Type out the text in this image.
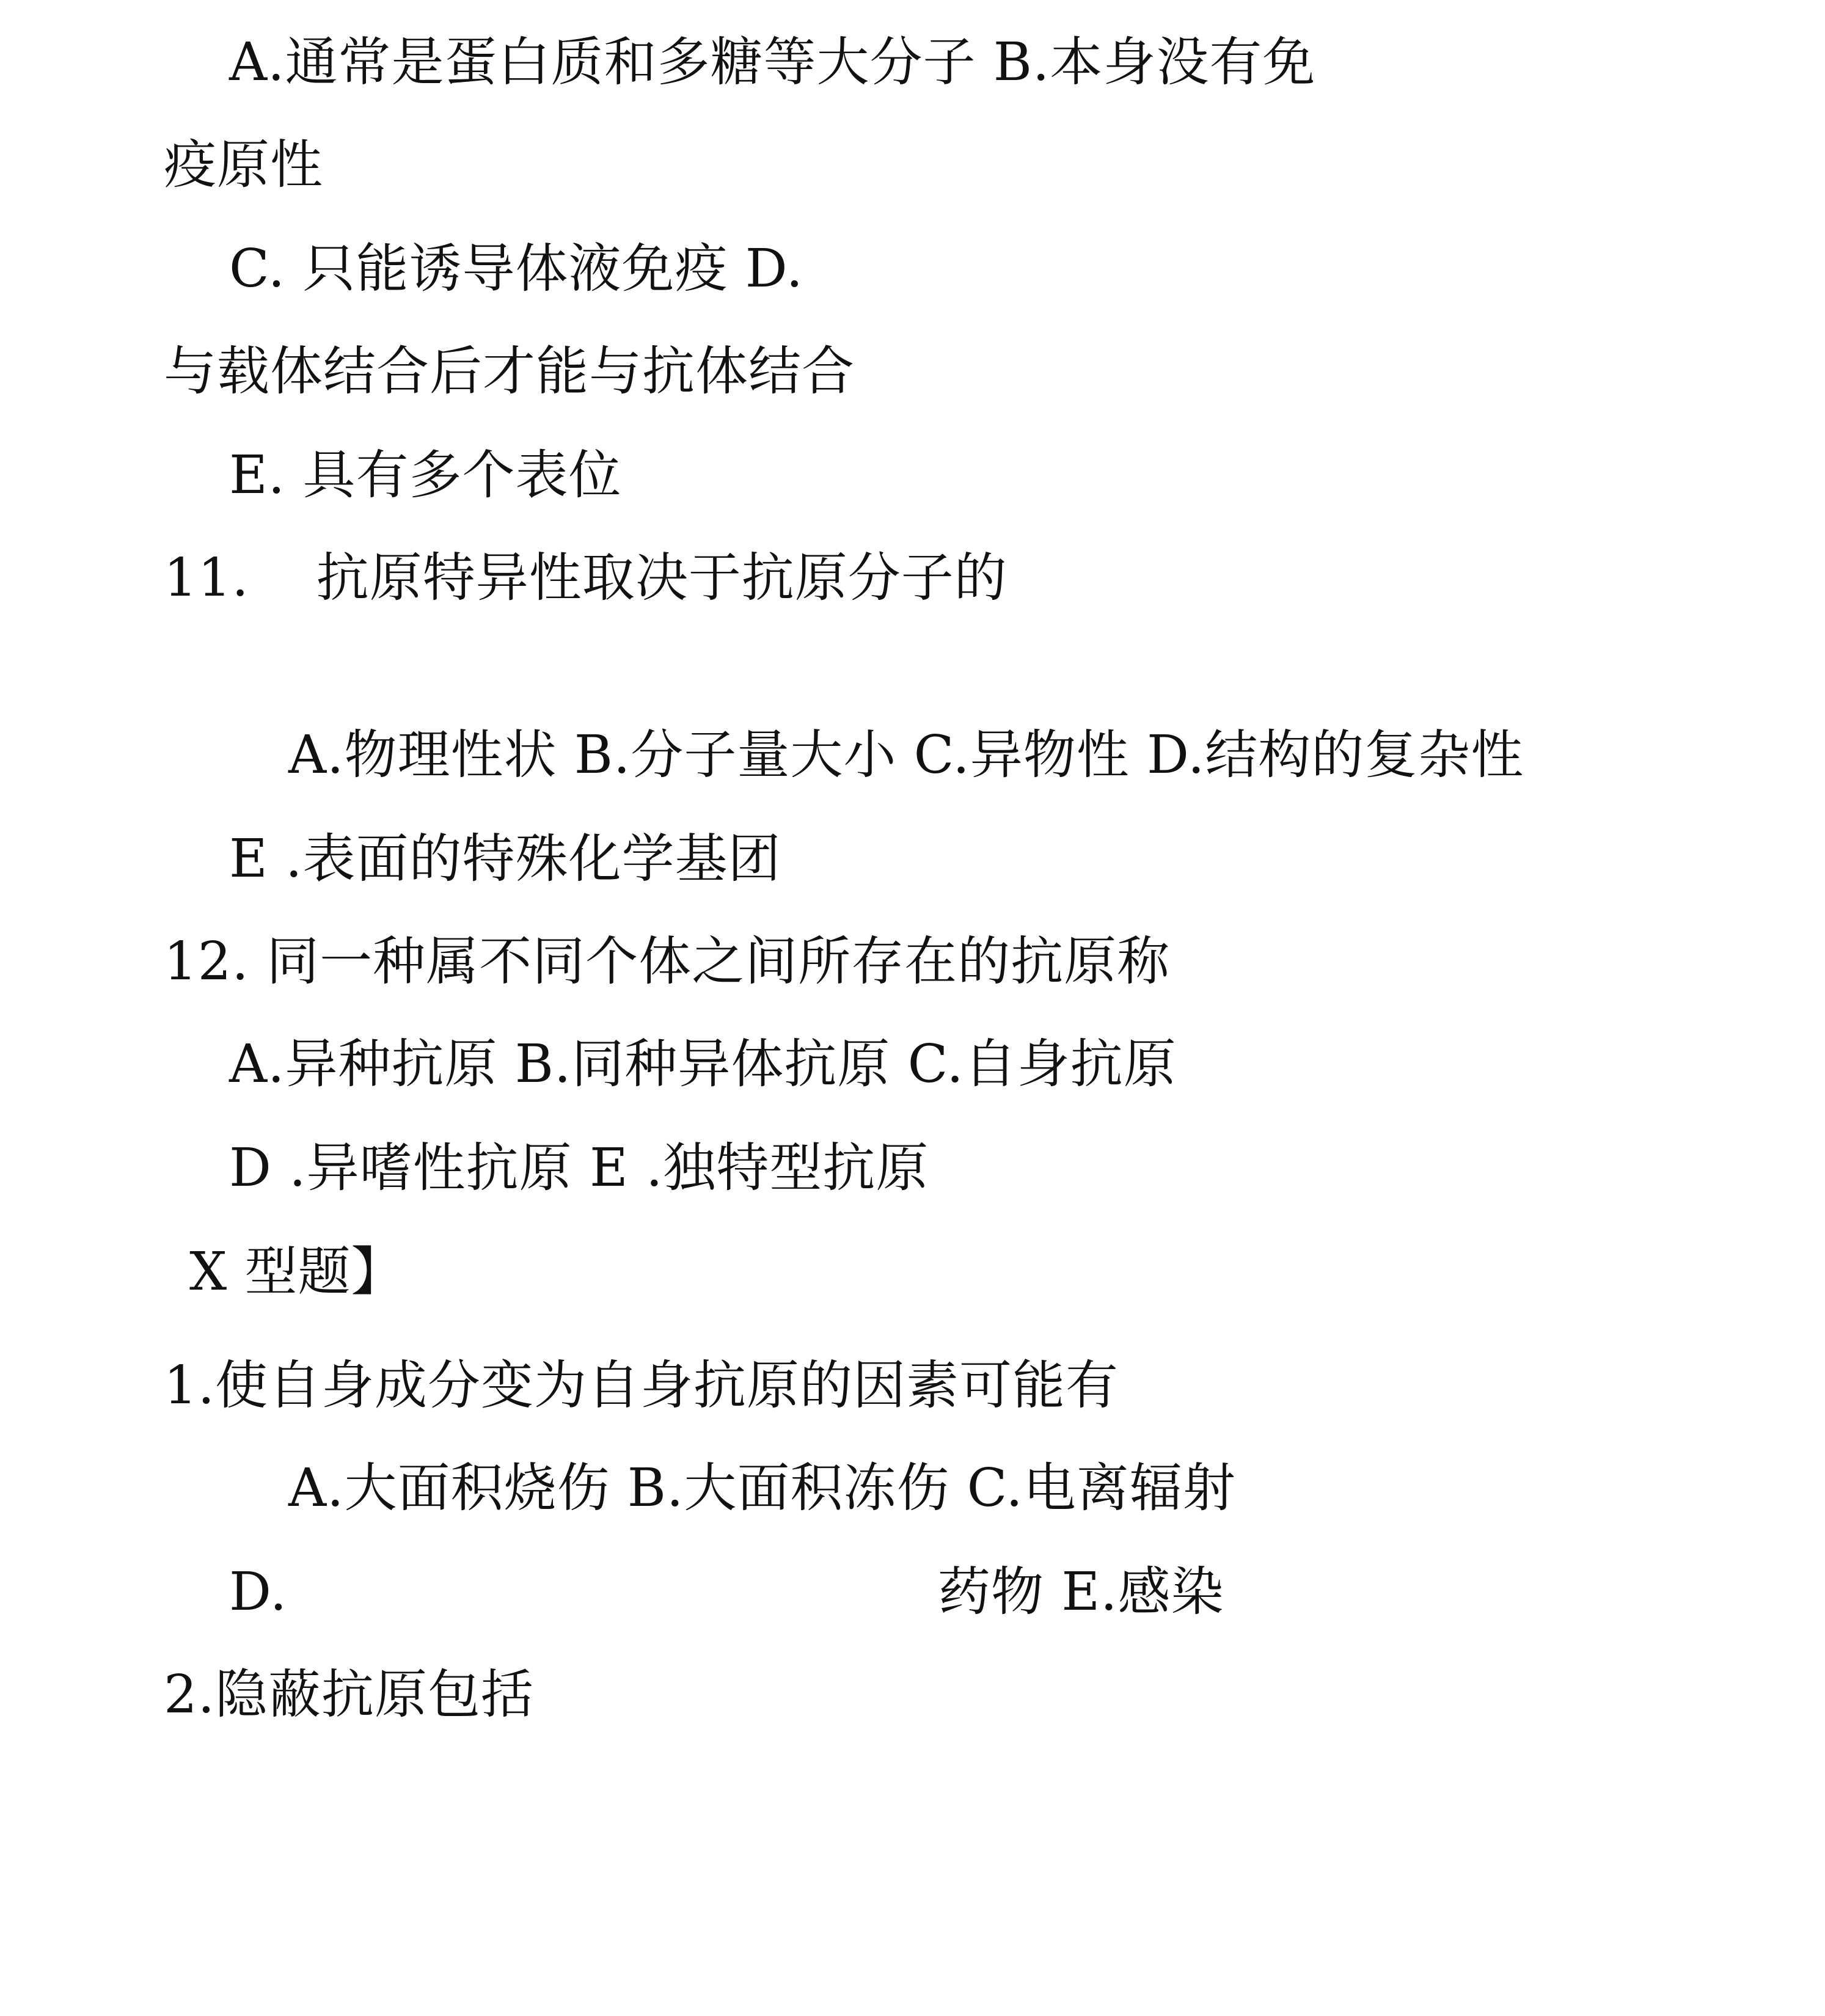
A.通常是蛋白质和多糖等大分子 B.本身没有免
疫原性
C. 只能诱导体液免疫 D.
与载体结合后才能与抗体结合
E. 具有多个表位
11. 抗原特异性取决于抗原分子的
A.物理性状 B.分子量大小 C.异物性 D.结构的复杂性
E .表面的特殊化学基团
12. 同一种属不同个体之间所存在的抗原称
A.异种抗原 B.同种异体抗原 C.自身抗原
D .异嗜性抗原 E .独特型抗原
X 型题】
1.使自身成分变为自身抗原的因素可能有
A.大面积烧伤 B.大面积冻伤 C.电离辐射
D.	药物 E.感染
2.隐蔽抗原包括
